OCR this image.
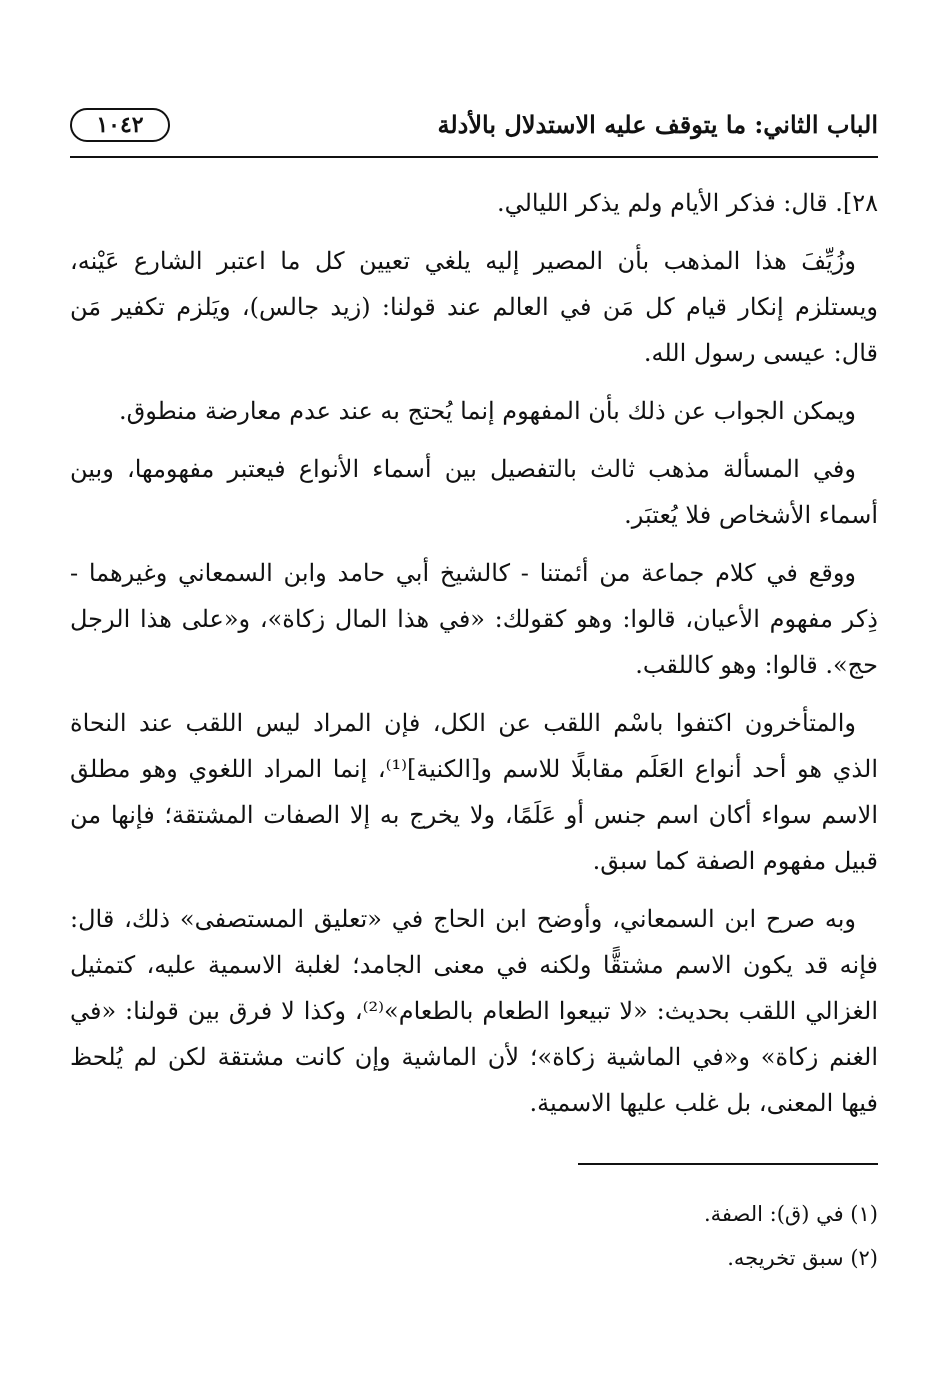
١٠٤٢	الباب الثاني: ما يتوقف عليه الاستدلال بالأدلة

٢٨]. قال: فذكر الأيام ولم يذكر الليالي.

وزُيِّفَ هذا المذهب بأن المصير إليه يلغي تعيين كل ما اعتبر الشارع عَيْنه، ويستلزم إنكار قيام كل مَن في العالم عند قولنا: (زيد جالس)، ويَلزم تكفير مَن قال: عيسى رسول الله.

ويمكن الجواب عن ذلك بأن المفهوم إنما يُحتج به عند عدم معارضة منطوق.

وفي المسألة مذهب ثالث بالتفصيل بين أسماء الأنواع فيعتبر مفهومها، وبين أسماء الأشخاص فلا يُعتبَر.

ووقع في كلام جماعة من أئمتنا - كالشيخ أبي حامد وابن السمعاني وغيرهما - ذِكر مفهوم الأعيان، قالوا: وهو كقولك: «في هذا المال زكاة»، و«على هذا الرجل حج». قالوا: وهو كاللقب.

والمتأخرون اكتفوا باسْم اللقب عن الكل، فإن المراد ليس اللقب عند النحاة الذي هو أحد أنواع العَلَم مقابلًا للاسم و[الكنية]⁽¹⁾، إنما المراد اللغوي وهو مطلق الاسم سواء أكان اسم جنس أو عَلَمًا، ولا يخرج به إلا الصفات المشتقة؛ فإنها من قبيل مفهوم الصفة كما سبق.

وبه صرح ابن السمعاني، وأوضح ابن الحاج في «تعليق المستصفى» ذلك، قال: فإنه قد يكون الاسم مشتقًّا ولكنه في معنى الجامد؛ لغلبة الاسمية عليه، كتمثيل الغزالي اللقب بحديث: «لا تبيعوا الطعام بالطعام»⁽²⁾، وكذا لا فرق بين قولنا: «في الغنم زكاة» و«في الماشية زكاة»؛ لأن الماشية وإن كانت مشتقة لكن لم يُلحظ فيها المعنى، بل غلب عليها الاسمية.

(١) في (ق): الصفة.

(٢) سبق تخريجه.
